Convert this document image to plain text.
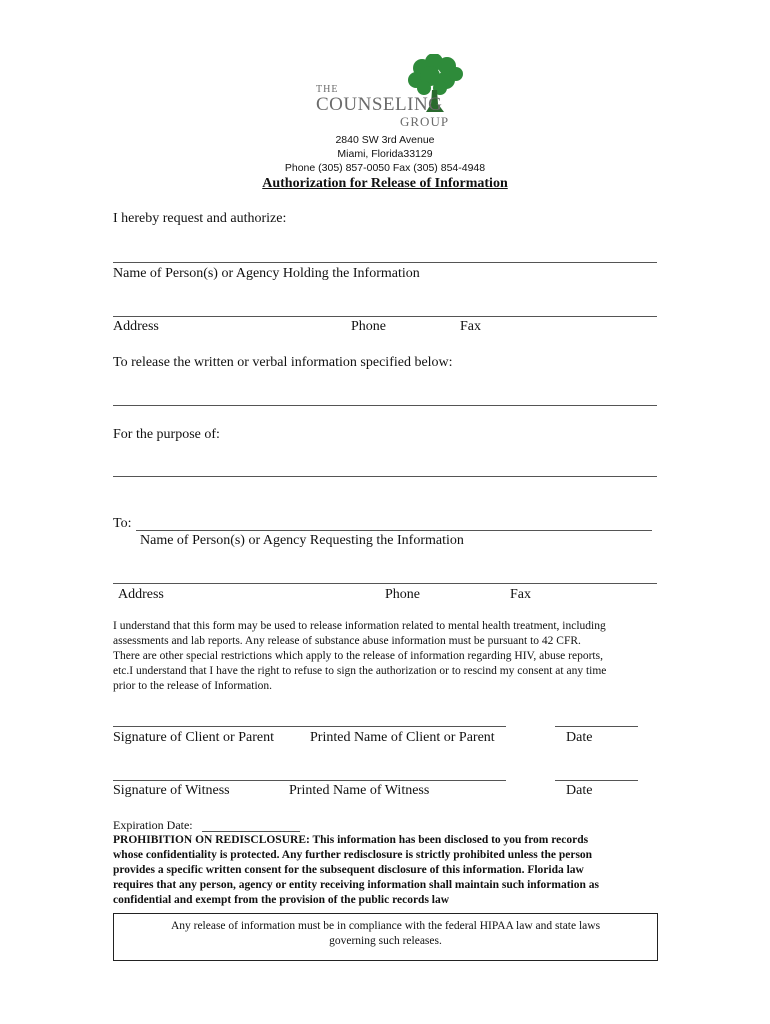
THE
COUNSELING
GROUP
2840 SW 3rd Avenue
Miami, Florida33129
Phone (305) 857-0050 Fax (305) 854-4948
Authorization for Release of Information
I hereby request and authorize:
Name of Person(s) or Agency Holding the Information
Address	Phone	Fax
To release the written or verbal information specified below:
For the purpose of:
To:
Name of Person(s) or Agency Requesting the Information
Address	Phone	Fax
I understand that this form may be used to release information related to mental health treatment, including
assessments and lab reports. Any release of substance abuse information must be pursuant to 42 CFR.
There are other special restrictions which apply to the release of information regarding HIV, abuse reports,
etc.I understand that I have the right to refuse to sign the authorization or to rescind my consent at any time
prior to the release of Information.
Signature of Client or Parent	Printed Name of Client or Parent	Date
Signature of Witness	Printed Name of Witness	Date
Expiration Date:
PROHIBITION ON REDISCLOSURE: This information has been disclosed to you from records
whose confidentiality is protected. Any further redisclosure is strictly prohibited unless the person
provides a specific written consent for the subsequent disclosure of this information. Florida law
requires that any person, agency or entity receiving information shall maintain such information as
confidential and exempt from the provision of the public records law
Any release of information must be in compliance with the federal HIPAA law and state laws
governing such releases.
